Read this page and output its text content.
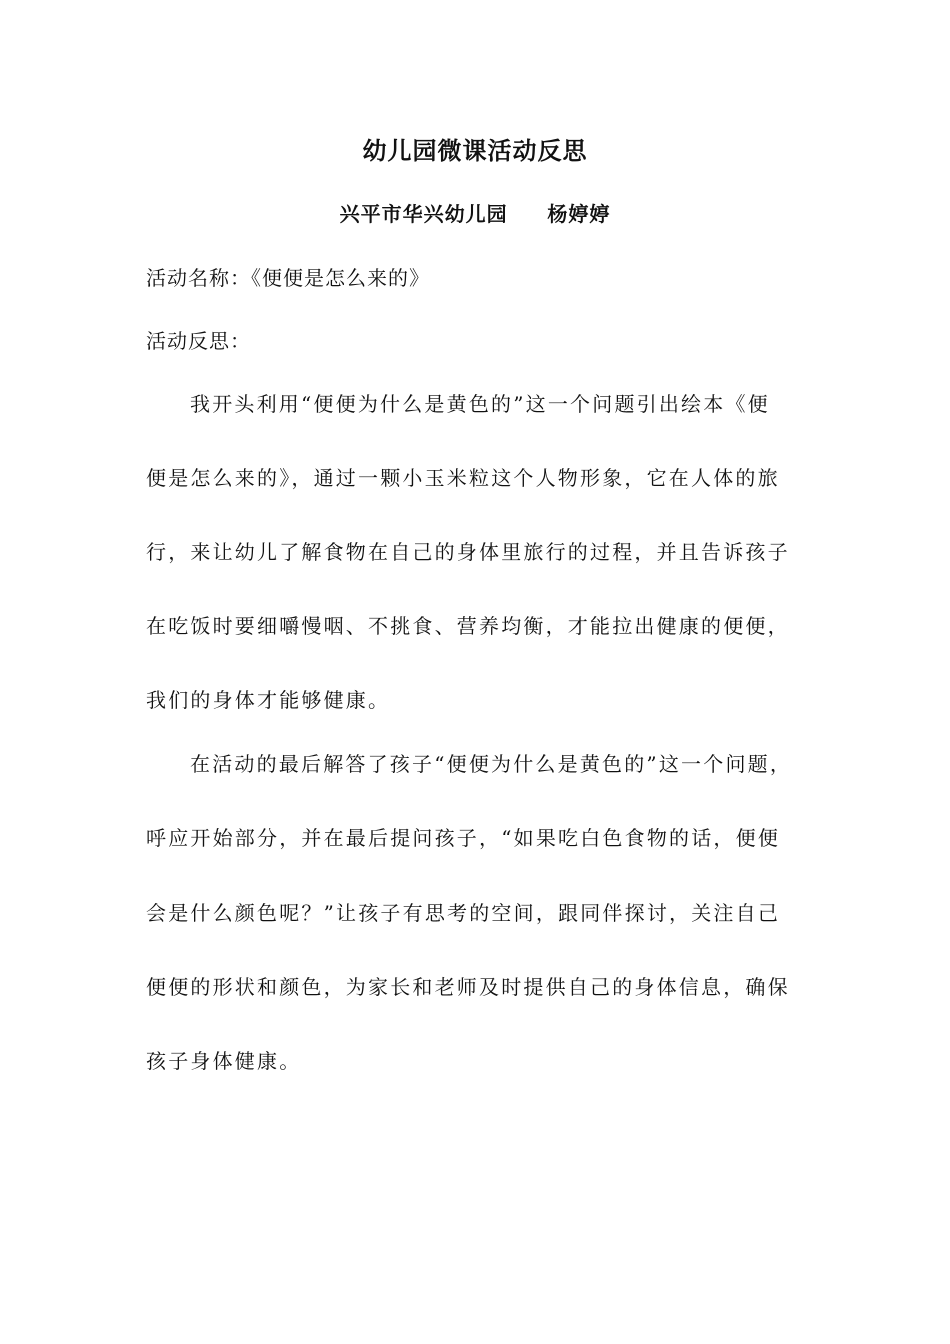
幼儿园微课活动反思
兴平市华兴幼儿园     杨婷婷
活动名称：《便便是怎么来的》
活动反思：
我开头利用“便便为什么是黄色的”这一个问题引出绘本《便
便是怎么来的》，通过一颗小玉米粒这个人物形象，它在人体的旅
行，来让幼儿了解食物在自己的身体里旅行的过程，并且告诉孩子
在吃饭时要细嚼慢咽、不挑食、营养均衡，才能拉出健康的便便，
我们的身体才能够健康。
在活动的最后解答了孩子“便便为什么是黄色的”这一个问题，
呼应开始部分，并在最后提问孩子，“如果吃白色食物的话，便便
会是什么颜色呢？”让孩子有思考的空间，跟同伴探讨，关注自己
便便的形状和颜色，为家长和老师及时提供自己的身体信息，确保
孩子身体健康。
